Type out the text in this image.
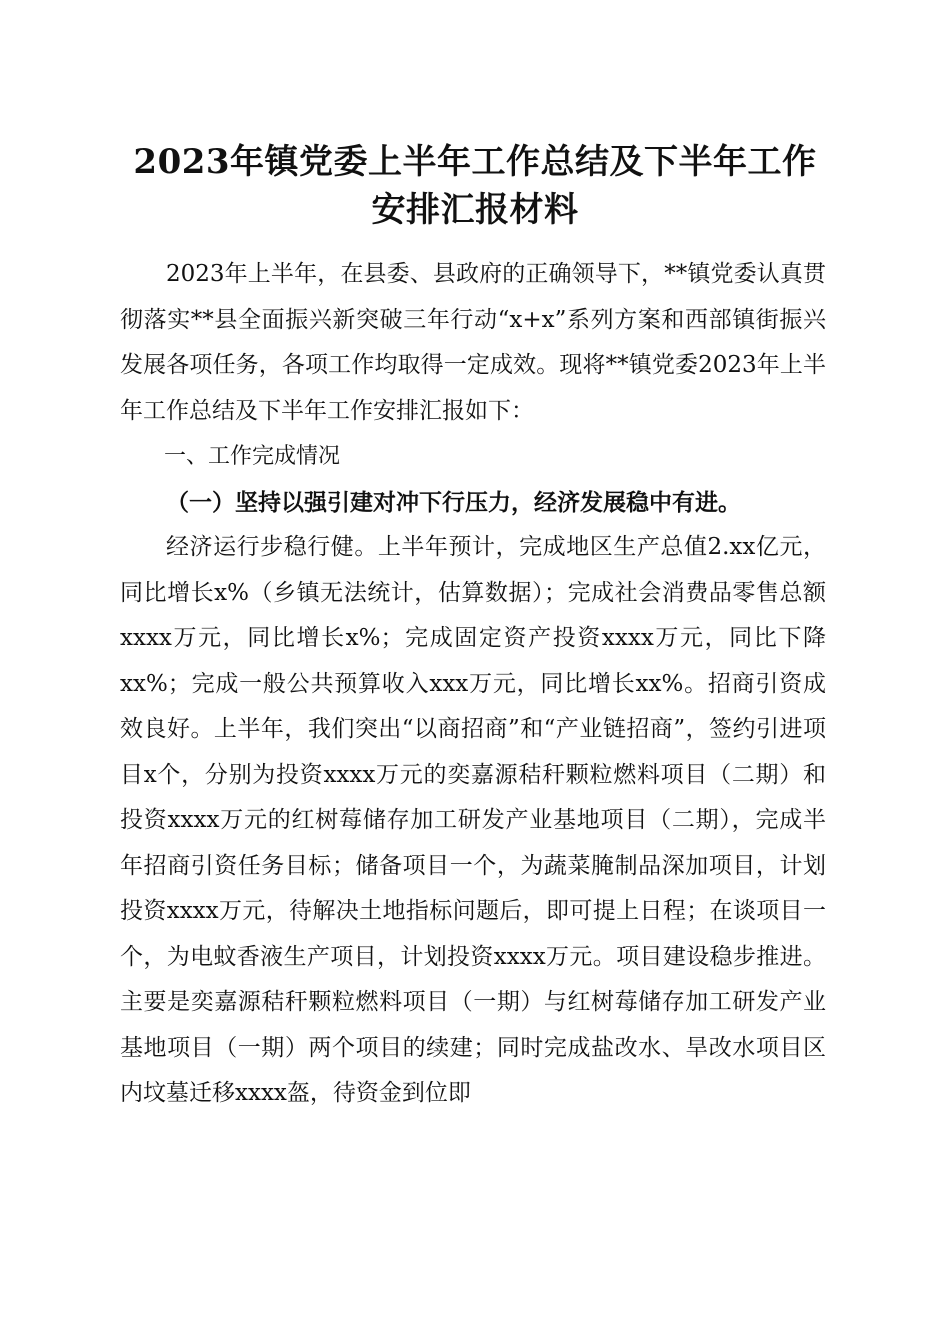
2023年镇党委上半年工作总结及下半年工作
安排汇报材料

2023年上半年，在县委、县政府的正确领导下，**镇党委认真贯彻落实**县全面振兴新突破三年行动“x+x”系列方案和西部镇街振兴发展各项任务，各项工作均取得一定成效。现将**镇党委2023年上半年工作总结及下半年工作安排汇报如下：

一、工作完成情况

（一）坚持以强引建对冲下行压力，经济发展稳中有进。

经济运行步稳行健。上半年预计，完成地区生产总值2.xx亿元，同比增长x%（乡镇无法统计，估算数据）；完成社会消费品零售总额xxxx万元，同比增长x%；完成固定资产投资xxxx万元，同比下降xx%；完成一般公共预算收入xxx万元，同比增长xx%。招商引资成效良好。上半年，我们突出“以商招商”和“产业链招商”，签约引进项目x个，分别为投资xxxx万元的奕嘉源秸秆颗粒燃料项目（二期）和投资xxxx万元的红树莓储存加工研发产业基地项目（二期），完成半年招商引资任务目标；储备项目一个，为蔬菜腌制品深加项目，计划投资xxxx万元，待解决土地指标问题后，即可提上日程；在谈项目一个，为电蚊香液生产项目，计划投资xxxx万元。项目建设稳步推进。主要是奕嘉源秸秆颗粒燃料项目（一期）与红树莓储存加工研发产业基地项目（一期）两个项目的续建；同时完成盐改水、旱改水项目区内坟墓迁移xxxx盔，待资金到位即
